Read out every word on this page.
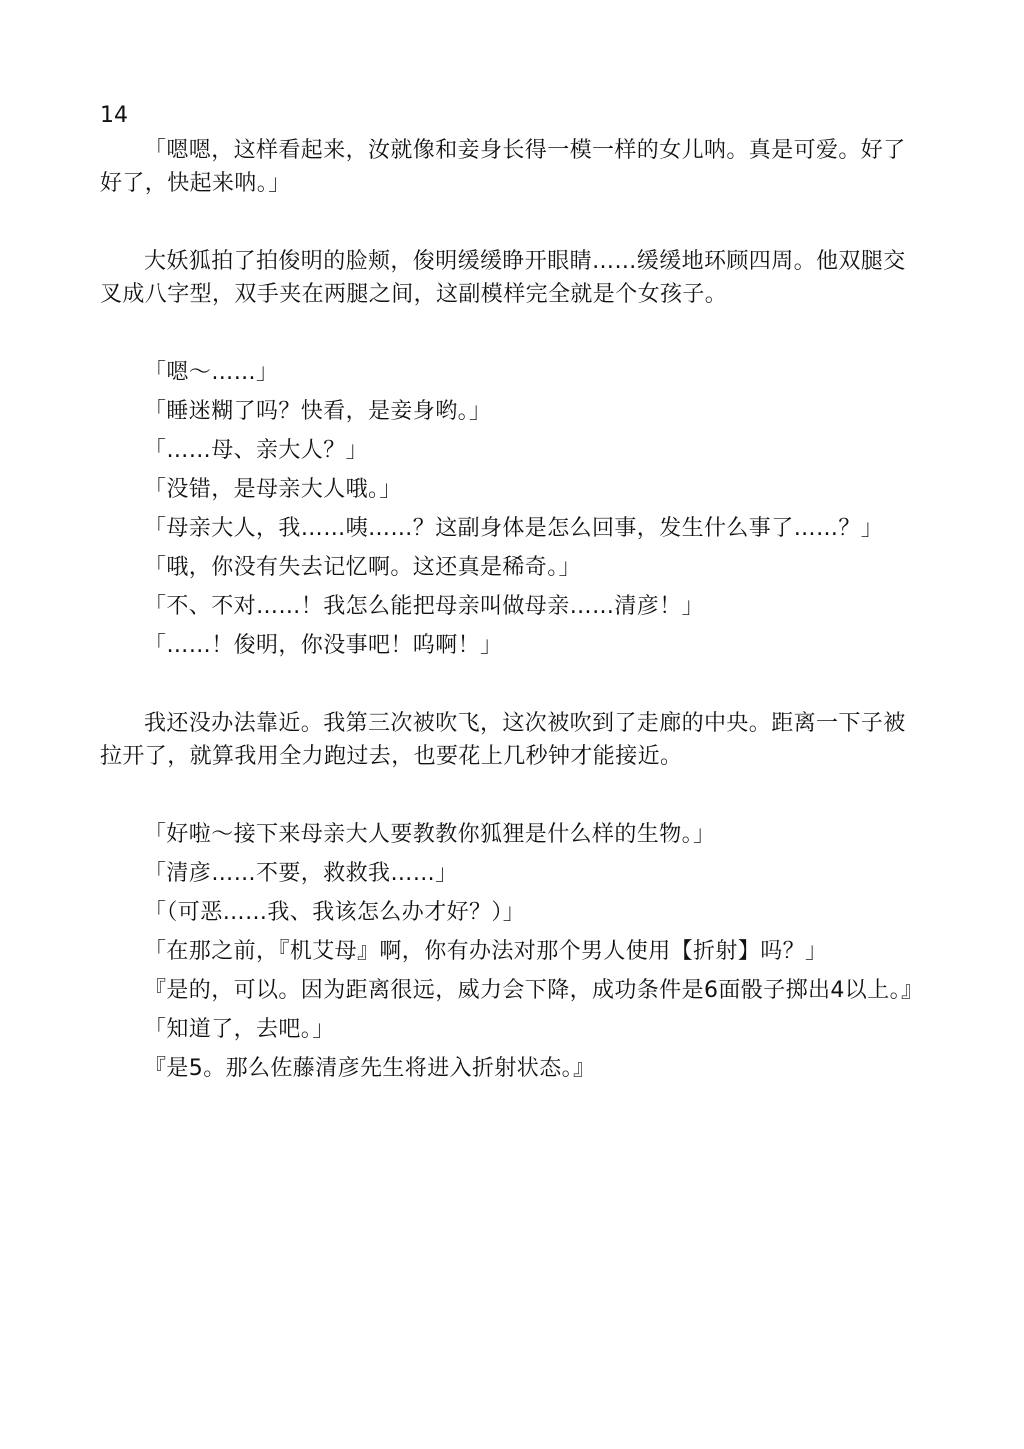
14

「嗯嗯，这样看起来，汝就像和妾身长得一模一样的女儿呐。真是可爱。好了好了，快起来呐。」

大妖狐拍了拍俊明的脸颊，俊明缓缓睁开眼睛……缓缓地环顾四周。他双腿交叉成八字型，双手夹在两腿之间，这副模样完全就是个女孩子。

「嗯～……」

「睡迷糊了吗？快看，是妾身哟。」

「……母、亲大人？」

「没错，是母亲大人哦。」

「母亲大人，我……咦……？这副身体是怎么回事，发生什么事了……？」

「哦，你没有失去记忆啊。这还真是稀奇。」

「不、不对……！我怎么能把母亲叫做母亲……清彦！」

「……！俊明，你没事吧！呜啊！」

我还没办法靠近。我第三次被吹飞，这次被吹到了走廊的中央。距离一下子被拉开了，就算我用全力跑过去，也要花上几秒钟才能接近。

「好啦～接下来母亲大人要教教你狐狸是什么样的生物。」

「清彦……不要，救救我……」

「（可恶……我、我该怎么办才好？）」

「在那之前，『机艾母』啊，你有办法对那个男人使用【折射】吗？」

『是的，可以。因为距离很远，威力会下降，成功条件是6面骰子掷出4以上。』

「知道了，去吧。」

『是5。那么佐藤清彦先生将进入折射状态。』
